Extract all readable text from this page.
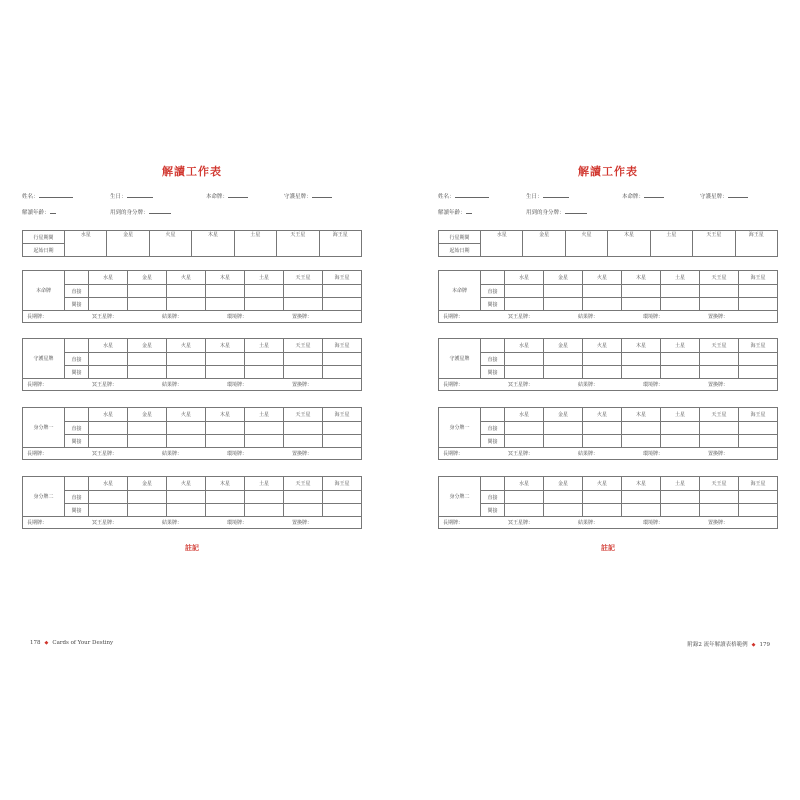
解讀工作表
姓名：	生日：	本命牌：	守護星牌：
解讀年齡：	用到的身分牌：
行星期間	水星	金星	火星	木星	土星	天王星	海王星
起始日期
本命牌		水星	金星	火星	木星	土星	天王星	海王星
	直接							
	間接							

長期牌： 冥王星牌： 結果牌： 環境牌： 置換牌：								
守護星牌		水星	金星	火星	木星	土星	天王星	海王星
	直接							
	間接							

長期牌： 冥王星牌： 結果牌： 環境牌： 置換牌：								
身分牌一		水星	金星	火星	木星	土星	天王星	海王星
	直接							
	間接							

長期牌： 冥王星牌： 結果牌： 環境牌： 置換牌：								
身分牌二		水星	金星	火星	木星	土星	天王星	海王星
	直接							
	間接							

長期牌： 冥王星牌： 結果牌： 環境牌： 置換牌：								
註記
178 ◆ Cards of Your Destiny
解讀工作表
姓名：	生日：	本命牌：	守護星牌：
解讀年齡：	用到的身分牌：
行星期間	水星	金星	火星	木星	土星	天王星	海王星
起始日期
本命牌		水星	金星	火星	木星	土星	天王星	海王星
	直接							
	間接							

長期牌： 冥王星牌： 結果牌： 環境牌： 置換牌：								
守護星牌		水星	金星	火星	木星	土星	天王星	海王星
	直接							
	間接							

長期牌： 冥王星牌： 結果牌： 環境牌： 置換牌：								
身分牌一		水星	金星	火星	木星	土星	天王星	海王星
	直接							
	間接							

長期牌： 冥王星牌： 結果牌： 環境牌： 置換牌：								
身分牌二		水星	金星	火星	木星	土星	天王星	海王星
	直接							
	間接							

長期牌： 冥王星牌： 結果牌： 環境牌： 置換牌：								
註記
附錄2 流年解讀表格範例 ◆ 179
